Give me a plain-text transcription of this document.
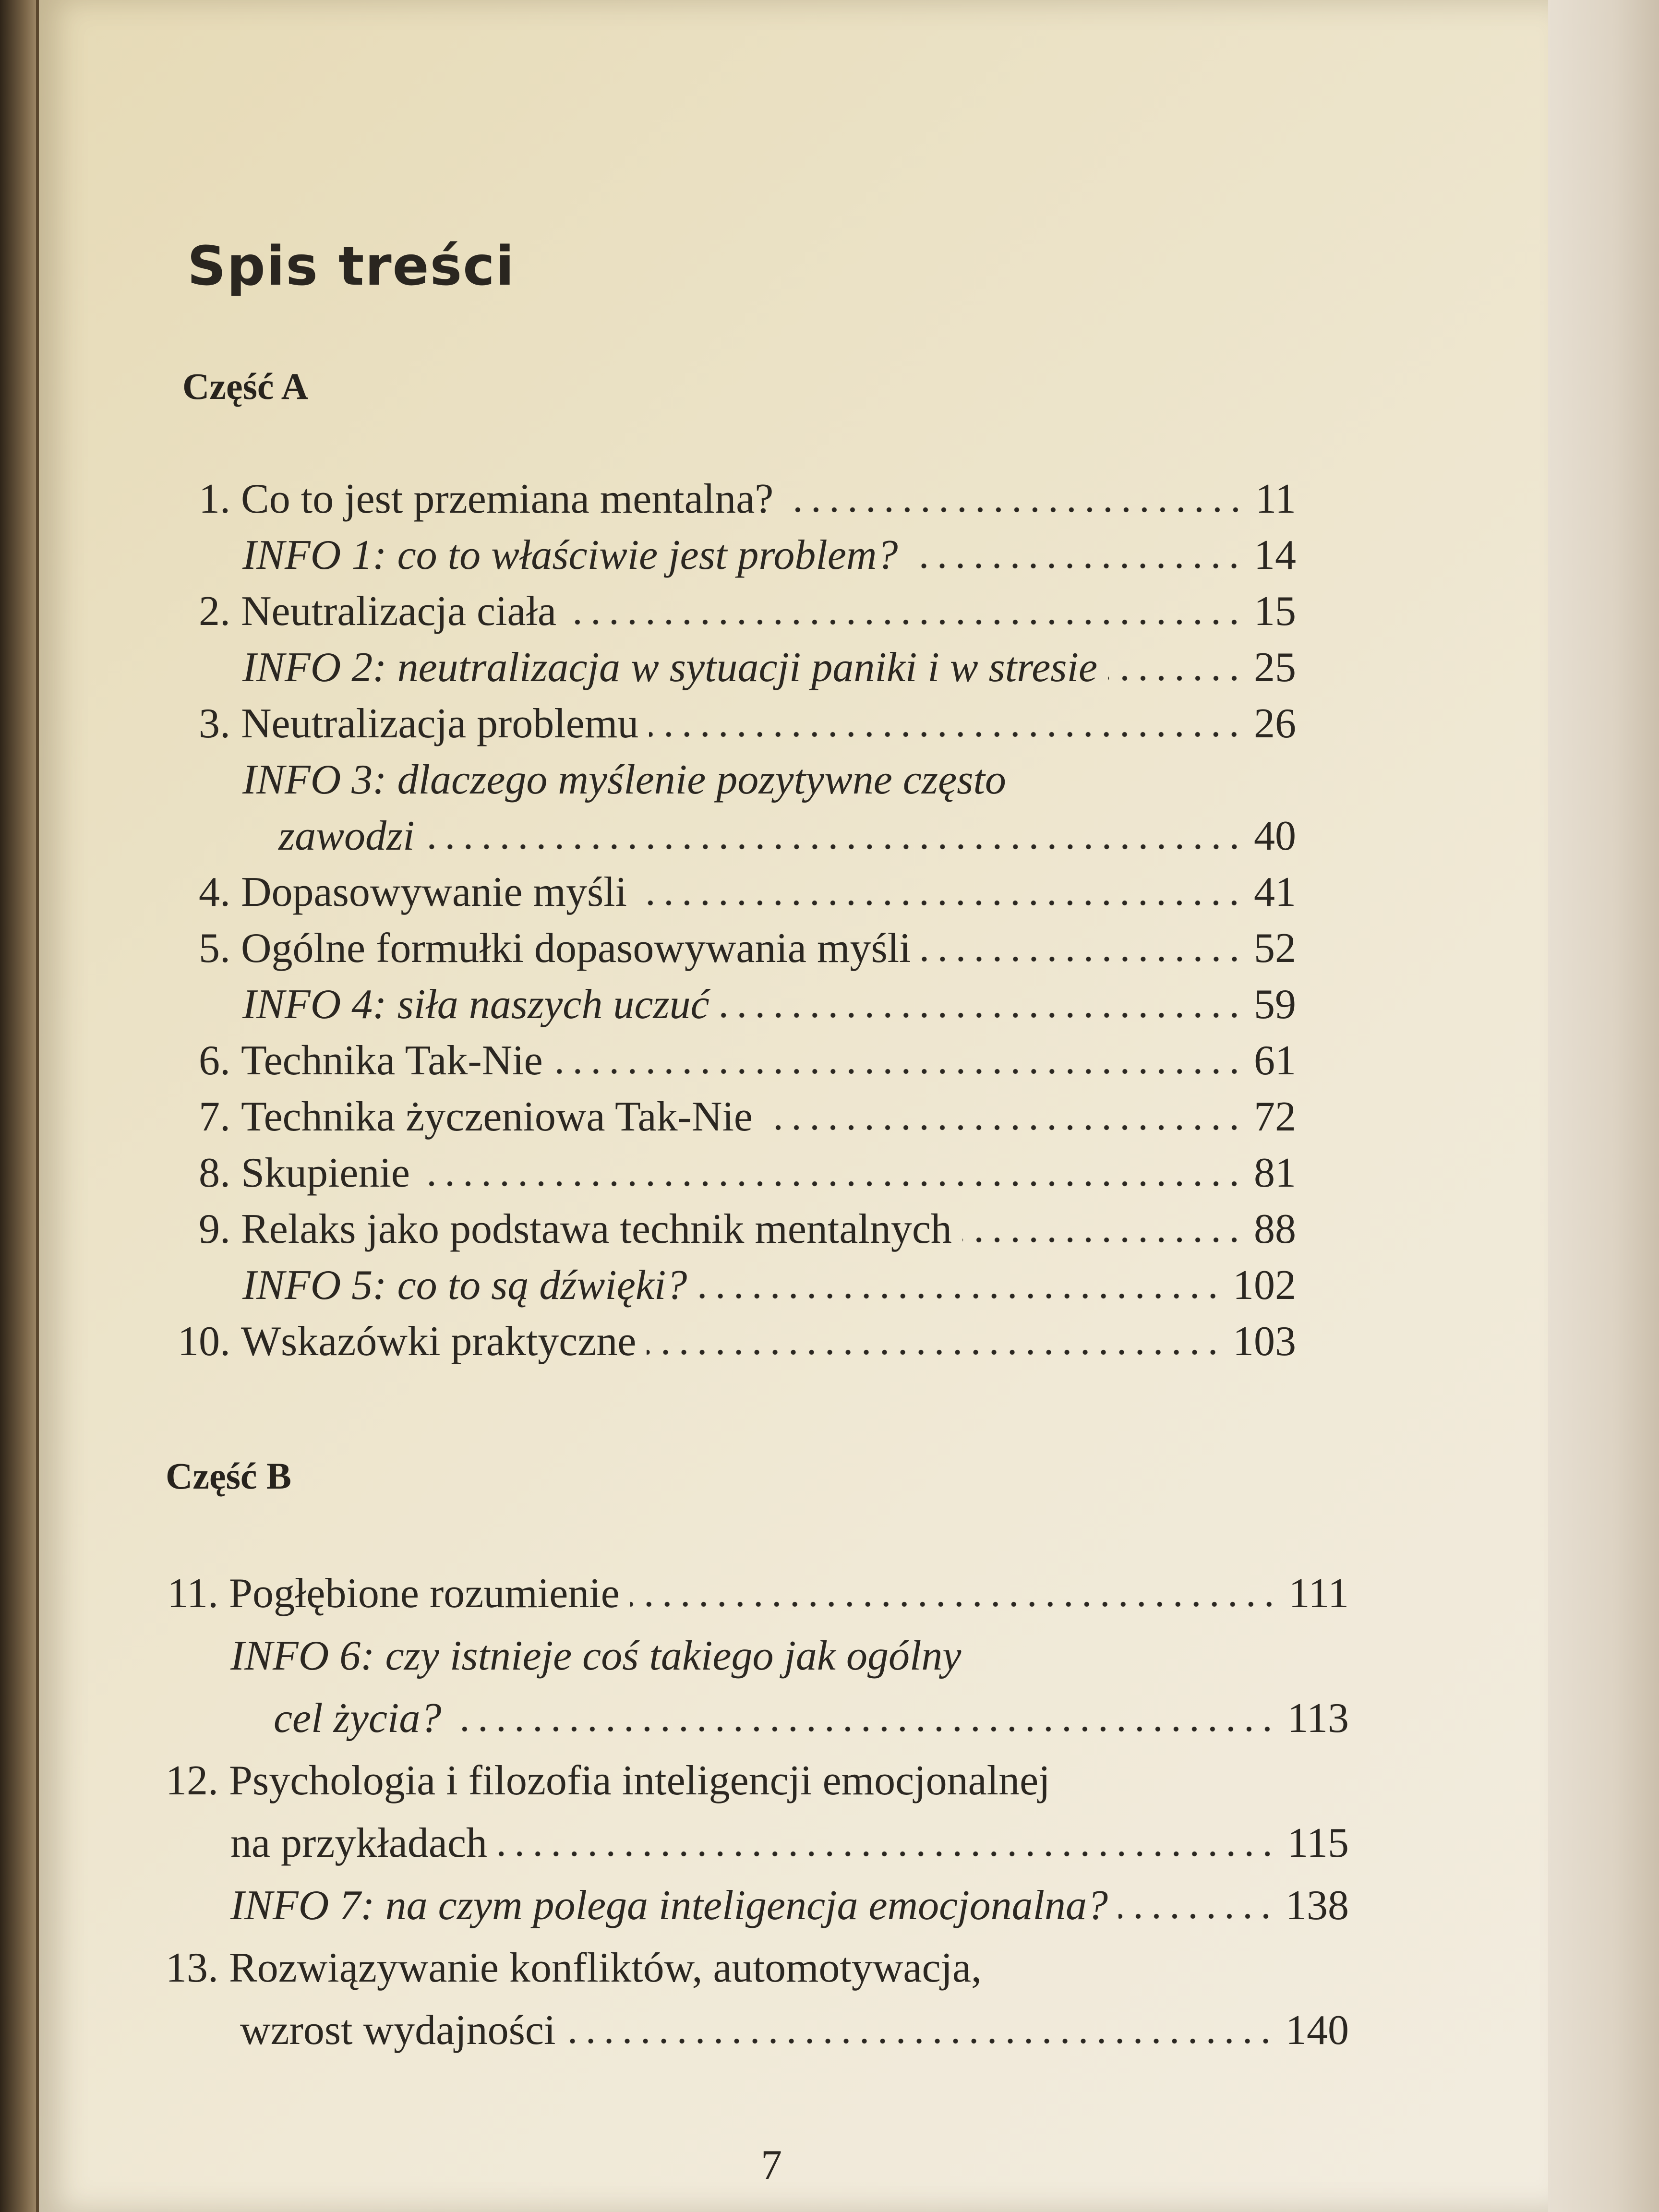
Spis treści
Część A
Część B
1. Co to jest przemiana mentalna?	11
INFO 1: co to właściwie jest problem?	14
2. Neutralizacja ciała	15
INFO 2: neutralizacja w sytuacji paniki i w stresie	25
3. Neutralizacja problemu	26
INFO 3: dlaczego myślenie pozytywne często
zawodzi	40
4. Dopasowywanie myśli	41
5. Ogólne formułki dopasowywania myśli	52
INFO 4: siła naszych uczuć	59
6. Technika Tak-Nie	61
7. Technika życzeniowa Tak-Nie	72
8. Skupienie	81
9. Relaks jako podstawa technik mentalnych	88
INFO 5: co to są dźwięki?	102
10. Wskazówki praktyczne	103
11. Pogłębione rozumienie	111
INFO 6: czy istnieje coś takiego jak ogólny
cel życia?	113
12. Psychologia i filozofia inteligencji emocjonalnej
na przykładach	115
INFO 7: na czym polega inteligencja emocjonalna?	138
13. Rozwiązywanie konfliktów, automotywacja,
wzrost wydajności	140

7
